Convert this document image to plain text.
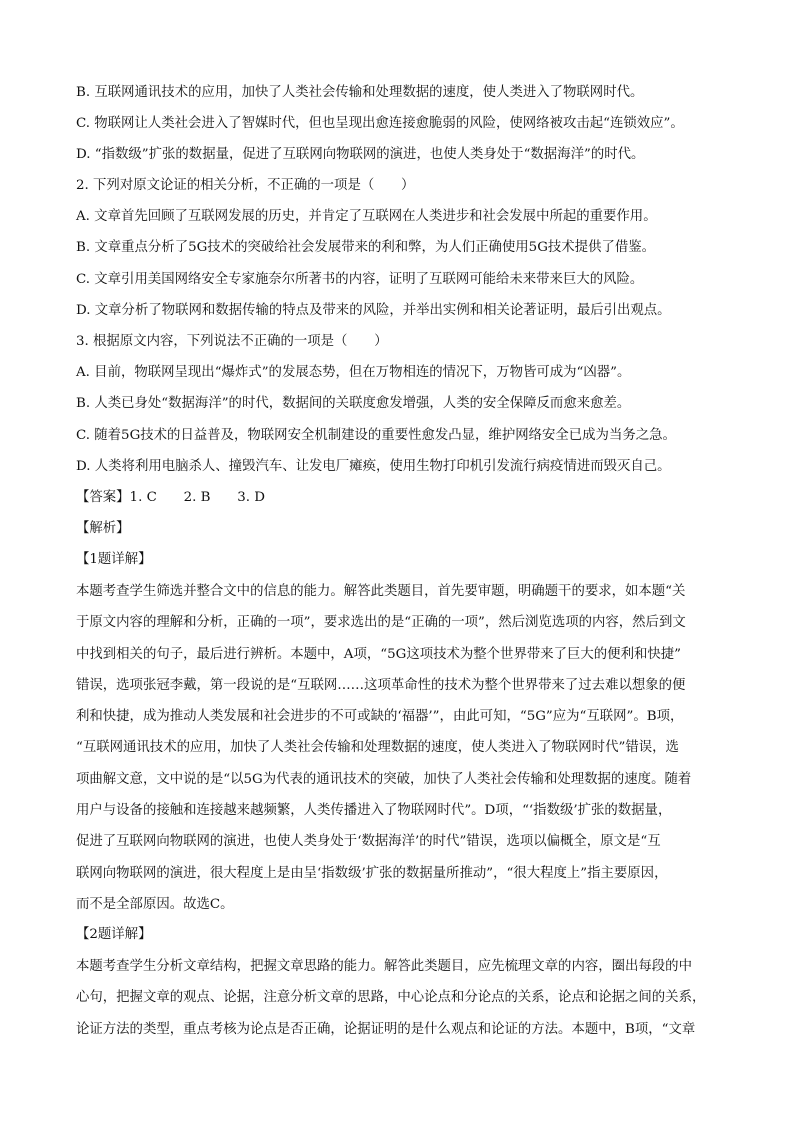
B. 互联网通讯技术的应用，加快了人类社会传输和处理数据的速度，使人类进入了物联网时代。
C. 物联网让人类社会进入了智媒时代，但也呈现出愈连接愈脆弱的风险，使网络被攻击起“连锁效应”。
D. “指数级”扩张的数据量，促进了互联网向物联网的演进，也使人类身处于“数据海洋”的时代。
2. 下列对原文论证的相关分析，不正确的一项是（　　）
A. 文章首先回顾了互联网发展的历史，并肯定了互联网在人类进步和社会发展中所起的重要作用。
B. 文章重点分析了5G技术的突破给社会发展带来的利和弊，为人们正确使用5G技术提供了借鉴。
C. 文章引用美国网络安全专家施奈尔所著书的内容，证明了互联网可能给未来带来巨大的风险。
D. 文章分析了物联网和数据传输的特点及带来的风险，并举出实例和相关论著证明，最后引出观点。
3. 根据原文内容，下列说法不正确的一项是（　　）
A. 目前，物联网呈现出“爆炸式”的发展态势，但在万物相连的情况下，万物皆可成为“凶器”。
B. 人类已身处“数据海洋”的时代，数据间的关联度愈发增强，人类的安全保障反而愈来愈差。
C. 随着5G技术的日益普及，物联网安全机制建设的重要性愈发凸显，维护网络安全已成为当务之急。
D. 人类将利用电脑杀人、撞毁汽车、让发电厂瘫痪，使用生物打印机引发流行病疫情进而毁灭自己。
【答案】1. C　　2. B　　3. D
【解析】
【1题详解】
本题考查学生筛选并整合文中的信息的能力。解答此类题目，首先要审题，明确题干的要求，如本题“关
于原文内容的理解和分析，正确的一项”，要求选出的是“正确的一项”，然后浏览选项的内容，然后到文
中找到相关的句子，最后进行辨析。本题中，A项，“5G这项技术为整个世界带来了巨大的便利和快捷”
错误，选项张冠李戴，第一段说的是“互联网……这项革命性的技术为整个世界带来了过去难以想象的便
利和快捷，成为推动人类发展和社会进步的不可或缺的‘福器’”，由此可知，“5G”应为“互联网”。B项，
“互联网通讯技术的应用，加快了人类社会传输和处理数据的速度，使人类进入了物联网时代”错误，选
项曲解文意，文中说的是“以5G为代表的通讯技术的突破，加快了人类社会传输和处理数据的速度。随着
用户与设备的接触和连接越来越频繁，人类传播进入了物联网时代”。D项，“‘指数级’扩张的数据量，
促进了互联网向物联网的演进，也使人类身处于‘数据海洋’的时代”错误，选项以偏概全，原文是“互
联网向物联网的演进，很大程度上是由呈‘指数级’扩张的数据量所推动”，“很大程度上”指主要原因，
而不是全部原因。故选C。
【2题详解】
本题考查学生分析文章结构，把握文章思路的能力。解答此类题目，应先梳理文章的内容，圈出每段的中
心句，把握文章的观点、论据，注意分析文章的思路，中心论点和分论点的关系，论点和论据之间的关系，
论证方法的类型，重点考核为论点是否正确，论据证明的是什么观点和论证的方法。本题中，B项，“文章
